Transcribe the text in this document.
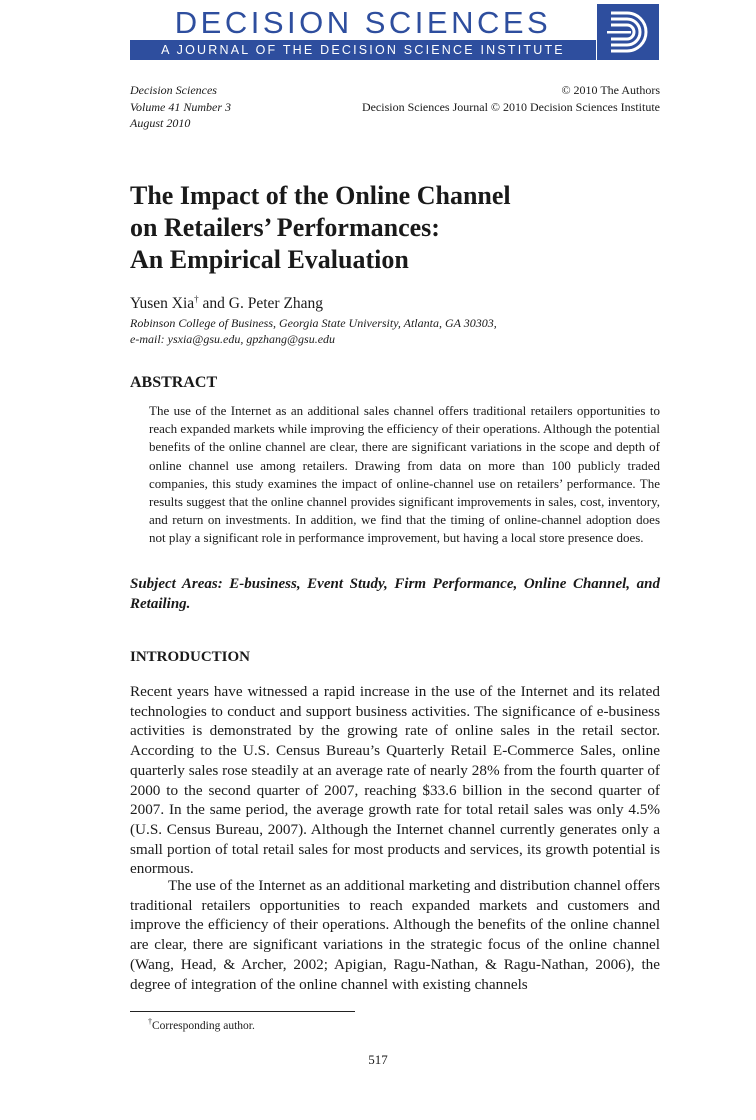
DECISION SCIENCES
A JOURNAL OF THE DECISION SCIENCE INSTITUTE
Decision Sciences
Volume 41 Number 3
August 2010
© 2010 The Authors
Decision Sciences Journal © 2010 Decision Sciences Institute
The Impact of the Online Channel
on Retailers’ Performances:
An Empirical Evaluation
Yusen Xia† and G. Peter Zhang
Robinson College of Business, Georgia State University, Atlanta, GA 30303,
e-mail: ysxia@gsu.edu, gpzhang@gsu.edu
ABSTRACT

The use of the Internet as an additional sales channel offers traditional retailers opportunities to reach expanded markets while improving the efficiency of their operations. Although the potential benefits of the online channel are clear, there are significant variations in the scope and depth of online channel use among retailers. Drawing from data on more than 100 publicly traded companies, this study examines the impact of online-channel use on retailers’ performance. The results suggest that the online channel provides significant improvements in sales, cost, inventory, and return on investments. In addition, we find that the timing of online-channel adoption does not play a significant role in performance improvement, but having a local store presence does.

Subject Areas: E-business, Event Study, Firm Performance, Online Channel, and Retailing.

INTRODUCTION

Recent years have witnessed a rapid increase in the use of the Internet and its related technologies to conduct and support business activities. The significance of e-business activities is demonstrated by the growing rate of online sales in the retail sector. According to the U.S. Census Bureau’s Quarterly Retail E-Commerce Sales, online quarterly sales rose steadily at an average rate of nearly 28% from the fourth quarter of 2000 to the second quarter of 2007, reaching $33.6 billion in the second quarter of 2007. In the same period, the average growth rate for total retail sales was only 4.5% (U.S. Census Bureau, 2007). Although the Internet channel currently generates only a small portion of total retail sales for most products and services, its growth potential is enormous.

The use of the Internet as an additional marketing and distribution channel offers traditional retailers opportunities to reach expanded markets and customers and improve the efficiency of their operations. Although the benefits of the online channel are clear, there are significant variations in the strategic focus of the online channel (Wang, Head, & Archer, 2002; Apigian, Ragu-Nathan, & Ragu-Nathan, 2006), the degree of integration of the online channel with existing channels

†Corresponding author.
517
